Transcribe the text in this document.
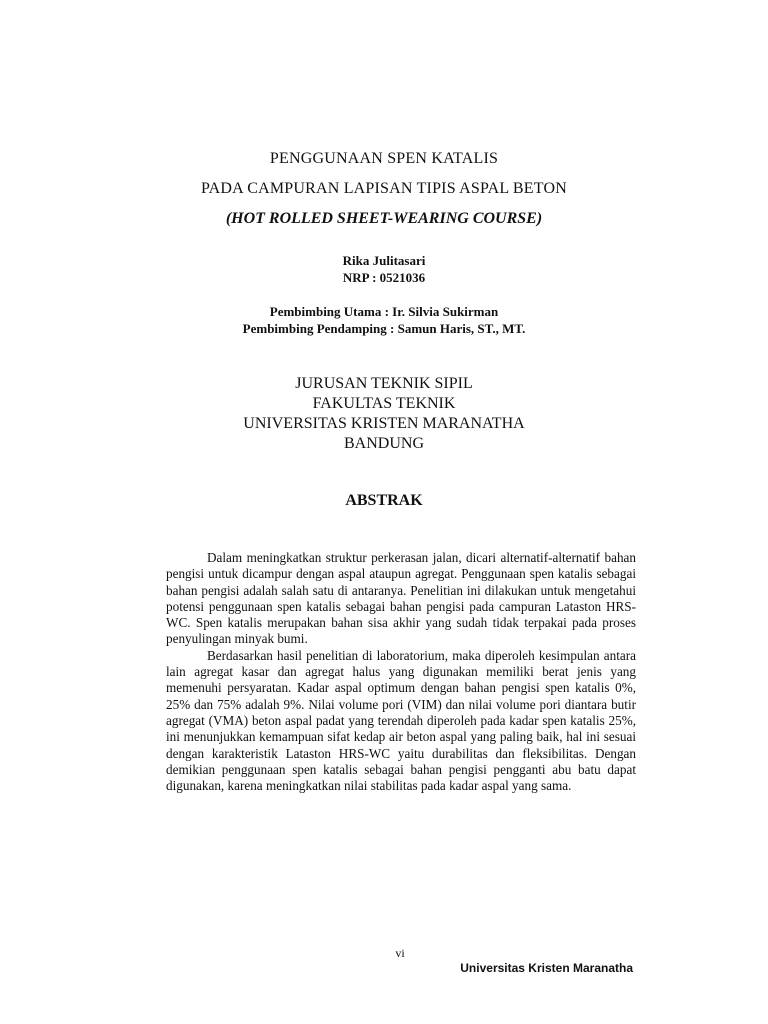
PENGGUNAAN SPEN KATALIS
PADA CAMPURAN LAPISAN TIPIS ASPAL BETON
(HOT ROLLED SHEET-WEARING COURSE)
Rika Julitasari
NRP : 0521036
Pembimbing Utama : Ir. Silvia Sukirman
Pembimbing Pendamping : Samun Haris, ST., MT.
JURUSAN TEKNIK SIPIL
FAKULTAS TEKNIK
UNIVERSITAS KRISTEN MARANATHA
BANDUNG
ABSTRAK

Dalam meningkatkan struktur perkerasan jalan, dicari alternatif-alternatif bahan pengisi untuk dicampur dengan aspal ataupun agregat. Penggunaan spen katalis sebagai bahan pengisi adalah salah satu di antaranya. Penelitian ini dilakukan untuk mengetahui potensi penggunaan spen katalis sebagai bahan pengisi pada campuran Lataston HRS-WC. Spen katalis merupakan bahan sisa akhir yang sudah tidak terpakai pada proses penyulingan minyak bumi.

Berdasarkan hasil penelitian di laboratorium, maka diperoleh kesimpulan antara lain agregat kasar dan agregat halus yang digunakan memiliki berat jenis yang memenuhi persyaratan. Kadar aspal optimum dengan bahan pengisi spen katalis 0%, 25% dan 75% adalah 9%. Nilai volume pori (VIM) dan nilai volume pori diantara butir agregat (VMA) beton aspal padat yang terendah diperoleh pada kadar spen katalis 25%, ini menunjukkan kemampuan sifat kedap air beton aspal yang paling baik, hal ini sesuai dengan karakteristik Lataston HRS-WC yaitu durabilitas dan fleksibilitas. Dengan demikian penggunaan spen katalis sebagai bahan pengisi pengganti abu batu dapat digunakan, karena meningkatkan nilai stabilitas pada kadar aspal yang sama.

vi
Universitas Kristen Maranatha
